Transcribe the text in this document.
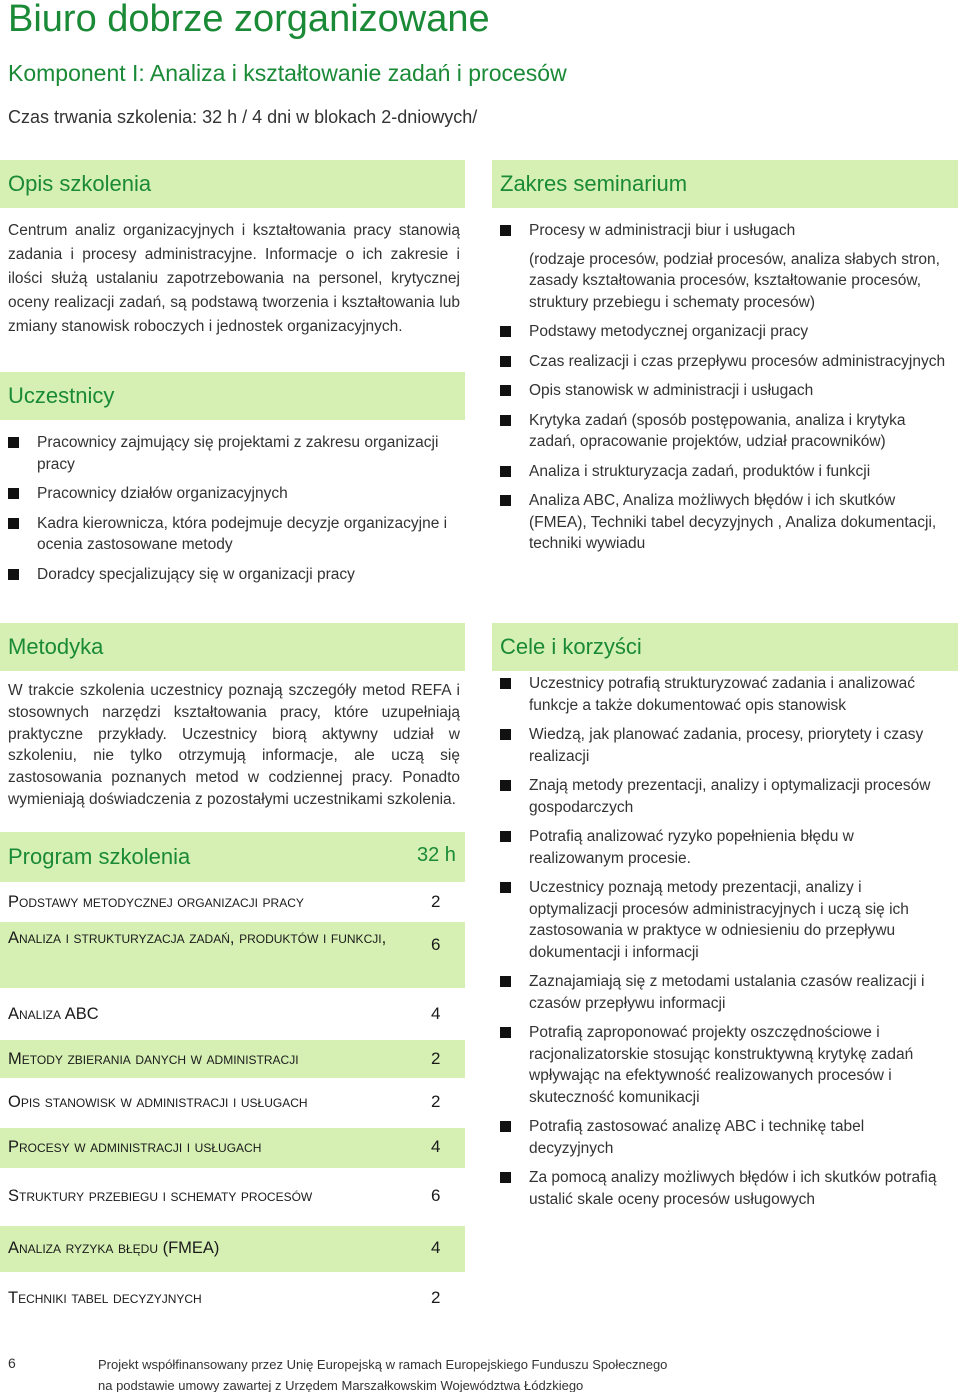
Biuro dobrze zorganizowane
Komponent I: Analiza i kształtowanie zadań i procesów
Czas trwania szkolenia: 32 h / 4 dni w blokach 2-dniowych/
Opis szkolenia

Centrum analiz organizacyjnych i kształtowania pracy stanowią zadania i procesy administracyjne. Informacje o ich zakresie i ilości służą ustalaniu zapotrzebowania na personel, krytycznej oceny realizacji zadań, są podstawą tworzenia i kształtowania lub zmiany stanowisk roboczych i jednostek organizacyjnych.

Uczestnicy
Pracownicy zajmujący się projektami z zakresu organizacji pracy
Pracownicy działów organizacyjnych
Kadra kierownicza, która podejmuje decyzje organizacyjne i ocenia zastosowane metody
Doradcy specjalizujący się w organizacji pracy
Zakres seminarium
Procesy w administracji biur i usługach
(rodzaje procesów, podział procesów, analiza słabych stron, zasady kształtowania procesów, kształtowanie procesów, struktury przebiegu i schematy procesów)
Podstawy metodycznej organizacji pracy
Czas realizacji i czas przepływu procesów administracyjnych
Opis stanowisk w administracji i usługach
Krytyka zadań (sposób postępowania, analiza i krytyka zadań, opracowanie projektów, udział pracowników)
Analiza i strukturyzacja zadań, produktów i funkcji
Analiza ABC, Analiza możliwych błędów i ich skutków (FMEA), Techniki tabel decyzyjnych , Analiza dokumentacji, techniki wywiadu
Metodyka

W trakcie szkolenia uczestnicy poznają szczegóły metod REFA i stosownych narzędzi kształtowania pracy, które uzupełniają praktyczne przykłady. Uczestnicy biorą aktywny udział w szkoleniu, nie tylko otrzymują informacje, ale uczą się zastosowania poznanych metod w codziennej pracy. Ponadto wymieniają doświadczenia z pozostałymi uczestnikami szkolenia.

Cele i korzyści
Uczestnicy potrafią strukturyzować zadania i analizować funkcje a także dokumentować opis stanowisk
Wiedzą, jak planować zadania, procesy, priorytety i czasy realizacji
Znają metody prezentacji, analizy i optymalizacji procesów gospodarczych
Potrafią analizować ryzyko popełnienia błędu w realizowanym procesie.
Uczestnicy poznają metody prezentacji, analizy i optymalizacji procesów administracyjnych i uczą się ich zastosowania w praktyce w odniesieniu do przepływu dokumentacji i informacji
Zaznajamiają się z metodami ustalania czasów realizacji i czasów przepływu informacji
Potrafią zaproponować projekty oszczędnościowe i racjonalizatorskie stosując konstruktywną krytykę zadań wpływając na efektywność realizowanych procesów i skuteczność komunikacji
Potrafią zastosować analizę ABC i technikę tabel decyzyjnych
Za pomocą analizy możliwych błędów i ich skutków potrafią ustalić skale oceny procesów usługowych
Program szkolenia	32 h
Podstawy metodycznej organizacji pracy	2
Analiza i strukturyzacja zadań, produktów i funkcji,	6
Analiza ABC	4
Metody zbierania danych w administracji	2
Opis stanowisk w administracji i usługach	2
Procesy w administracji i usługach	4
Struktury przebiegu i schematy procesów	6
Analiza ryzyka błędu (FMEA)	4
Techniki tabel decyzyjnych	2
6	Projekt współfinansowany przez Unię Europejską w ramach Europejskiego Funduszu Społecznego
na podstawie umowy zawartej z Urzędem Marszałkowskim Województwa Łódzkiego
